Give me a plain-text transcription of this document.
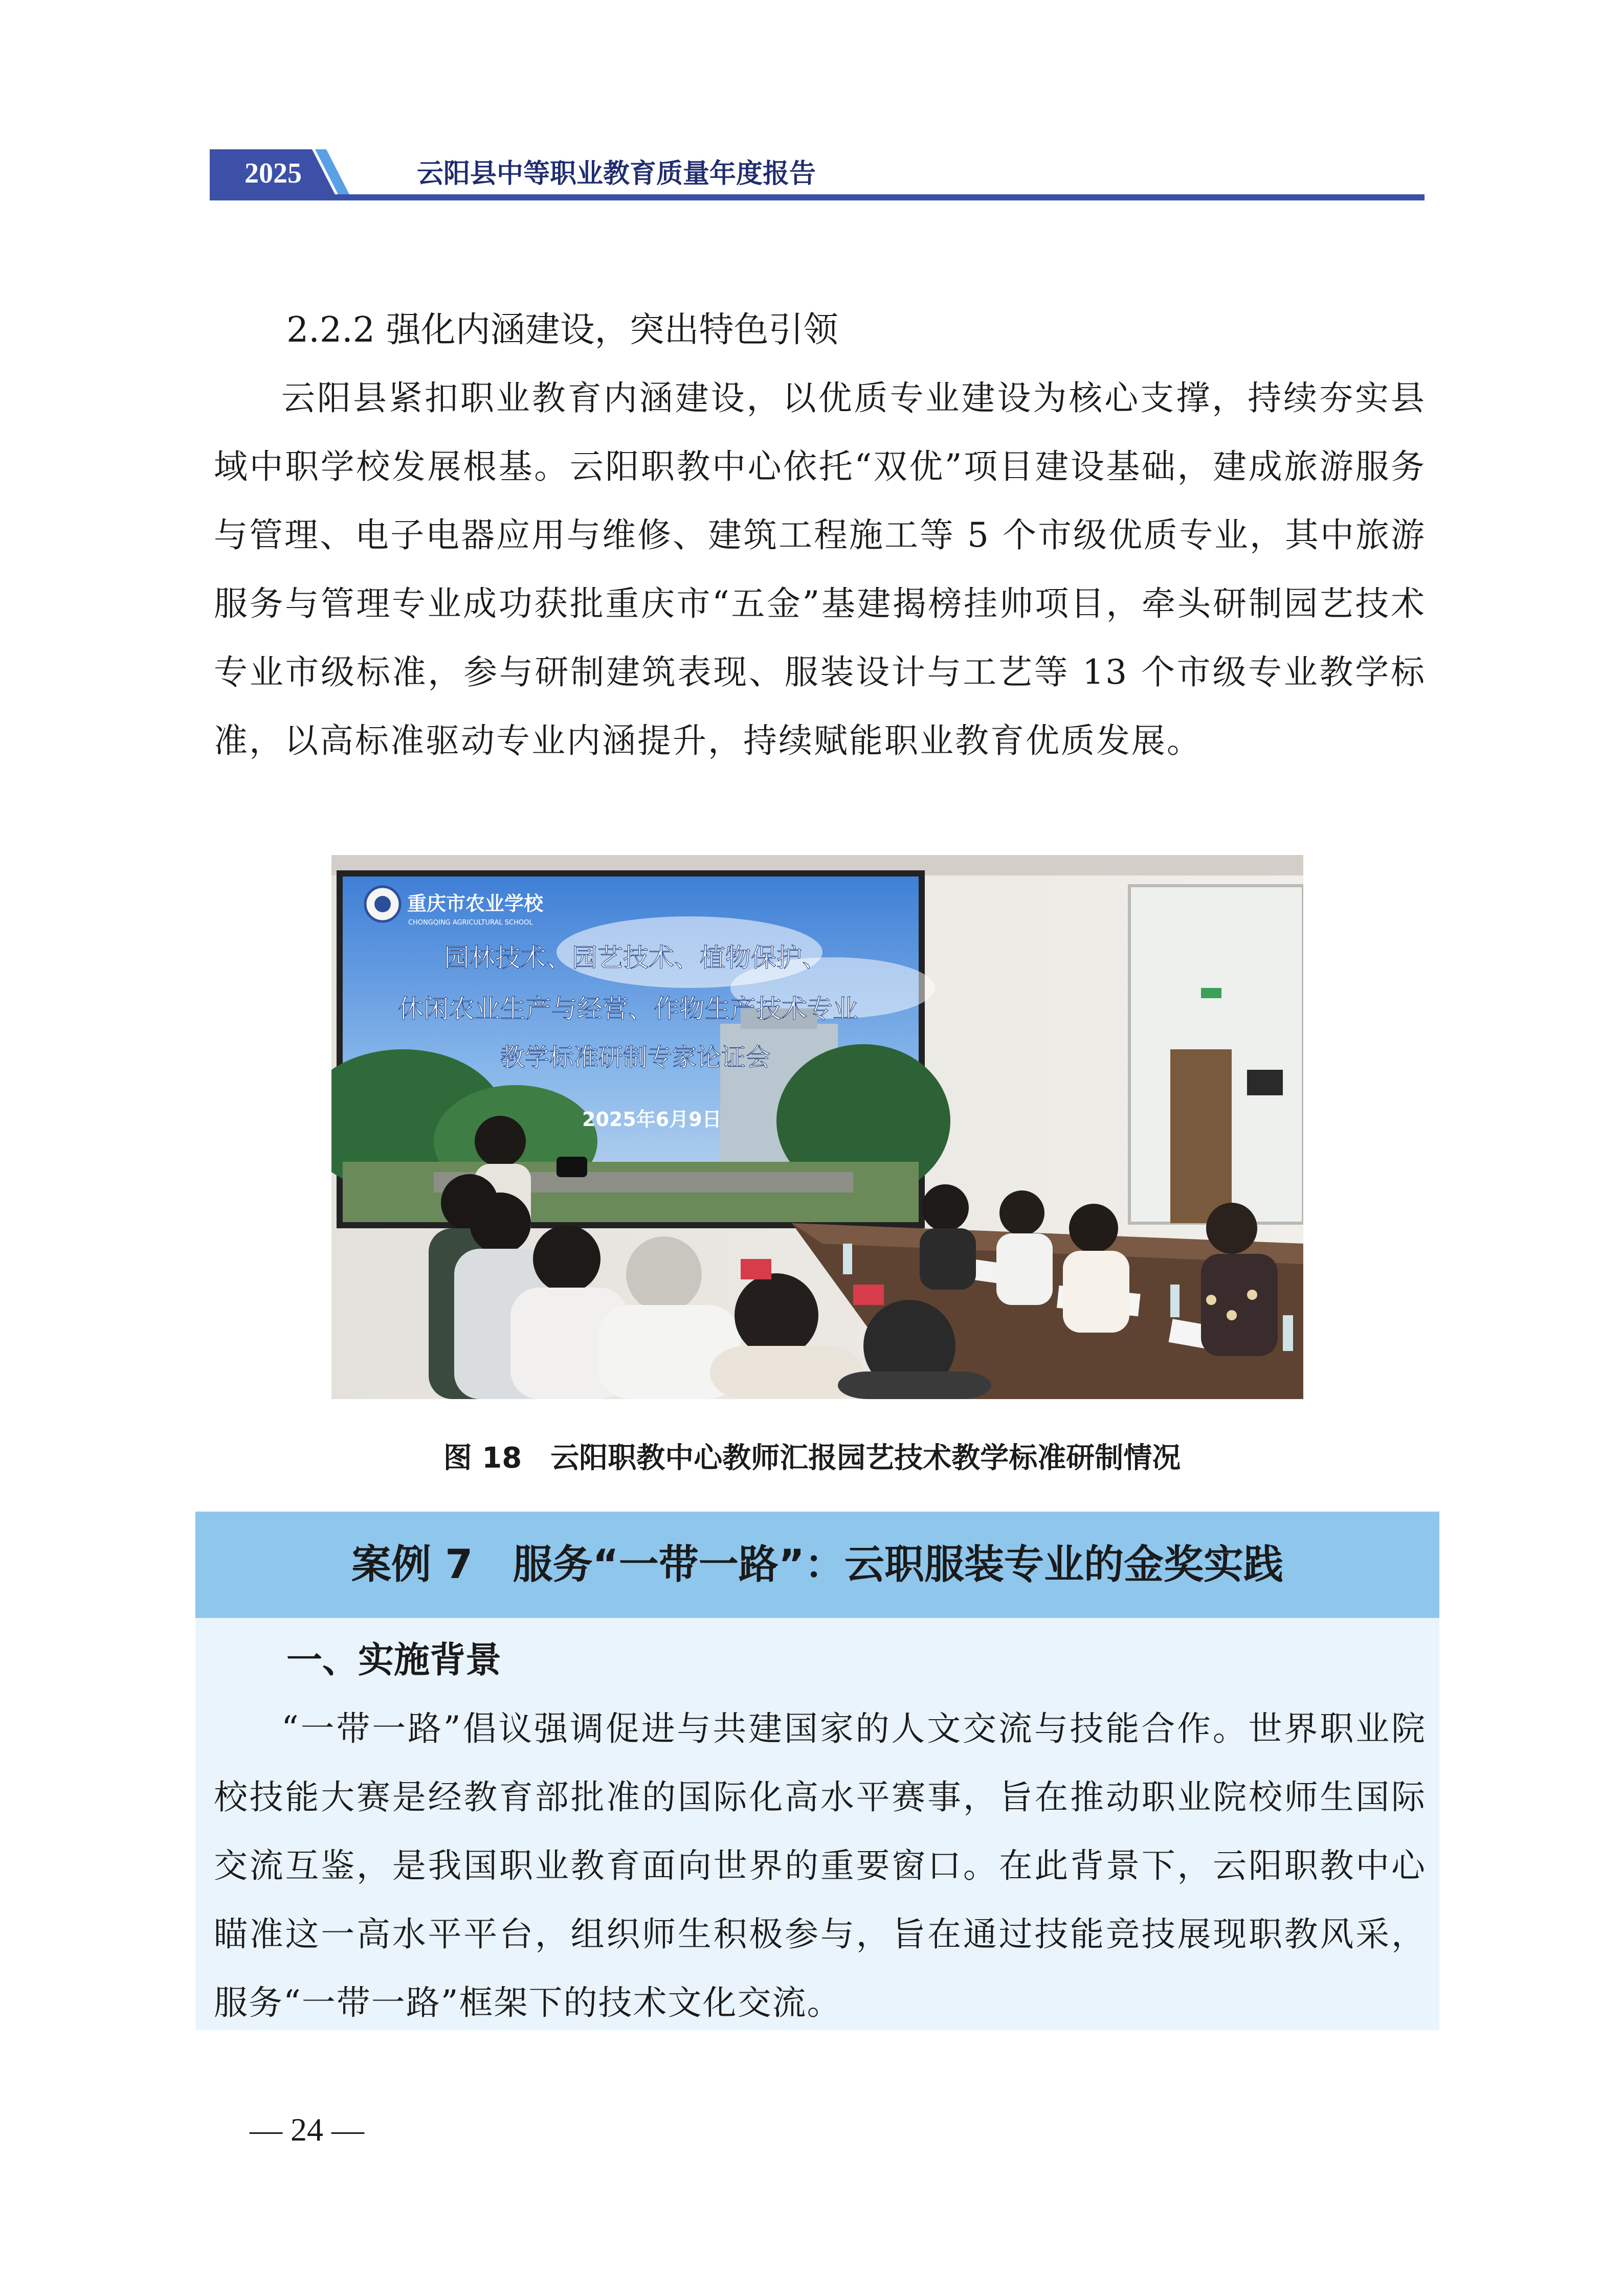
2025	云阳县中等职业教育质量年度报告
2.2.2 强化内涵建设，突出特色引领
云阳县紧扣职业教育内涵建设，以优质专业建设为核心支撑，持续夯实县域中职学校发展根基。云阳职教中心依托“双优”项目建设基础，建成旅游服务与管理、电子电器应用与维修、建筑工程施工等 5 个市级优质专业，其中旅游服务与管理专业成功获批重庆市“五金”基建揭榜挂帅项目，牵头研制园艺技术专业市级标准，参与研制建筑表现、服装设计与工艺等 13 个市级专业教学标准，以高标准驱动专业内涵提升，持续赋能职业教育优质发展。
重庆市农业学校
CHONGQING AGRICULTURAL SCHOOL
园林技术、园艺技术、植物保护、
休闲农业生产与经营、作物生产技术专业
教学标准研制专家论证会
2025年6月9日
图 18　云阳职教中心教师汇报园艺技术教学标准研制情况
案例 7　服务“一带一路”：云职服装专业的金奖实践
一、实施背景
“一带一路”倡议强调促进与共建国家的人文交流与技能合作。世界职业院校技能大赛是经教育部批准的国际化高水平赛事，旨在推动职业院校师生国际交流互鉴，是我国职业教育面向世界的重要窗口。在此背景下，云阳职教中心瞄准这一高水平平台，组织师生积极参与，旨在通过技能竞技展现职教风采，服务“一带一路”框架下的技术文化交流。
— 24 —
